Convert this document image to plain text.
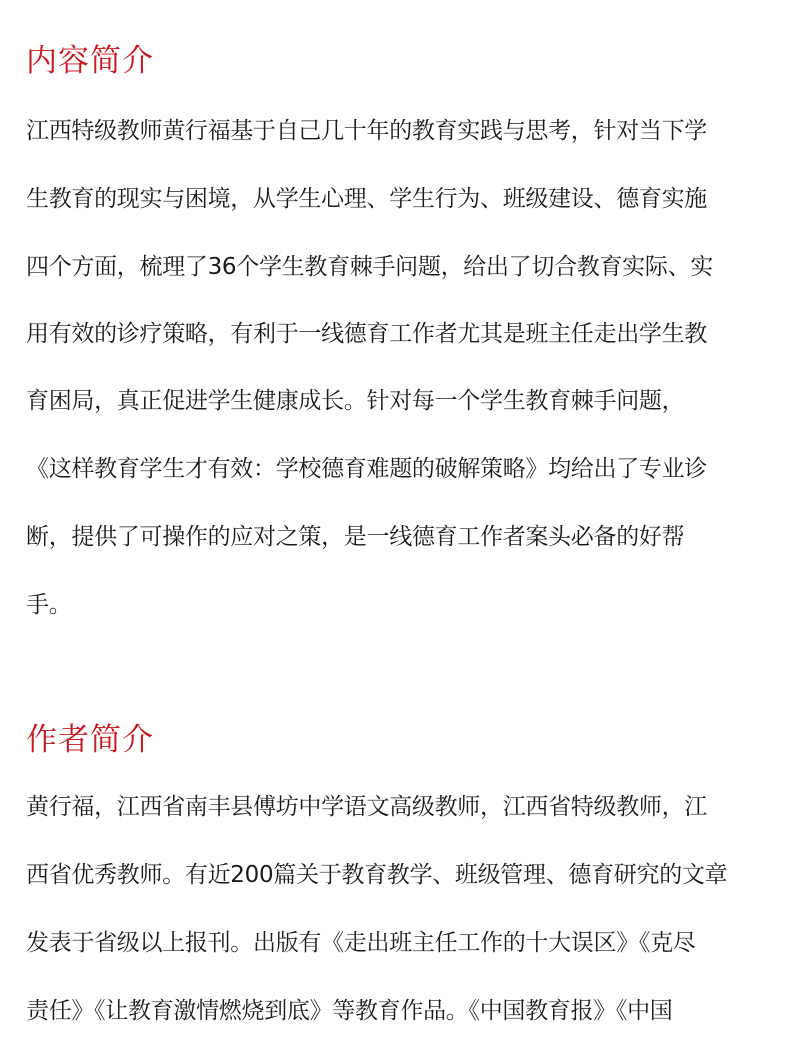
内容简介

江西特级教师黄行福基于自己几十年的教育实践与思考，针对当下学

生教育的现实与困境，从学生心理、学生行为、班级建设、德育实施

四个方面，梳理了36个学生教育棘手问题，给出了切合教育实际、实

用有效的诊疗策略，有利于一线德育工作者尤其是班主任走出学生教

育困局，真正促进学生健康成长。针对每一个学生教育棘手问题，

《这样教育学生才有效：学校德育难题的破解策略》均给出了专业诊

断，提供了可操作的应对之策，是一线德育工作者案头必备的好帮

手。

作者简介

黄行福，江西省南丰县傅坊中学语文高级教师，江西省特级教师，江

西省优秀教师。有近200篇关于教育教学、班级管理、德育研究的文章

发表于省级以上报刊。出版有《走出班主任工作的十大误区》《克尽

责任》《让教育激情燃烧到底》等教育作品。《中国教育报》《中国
